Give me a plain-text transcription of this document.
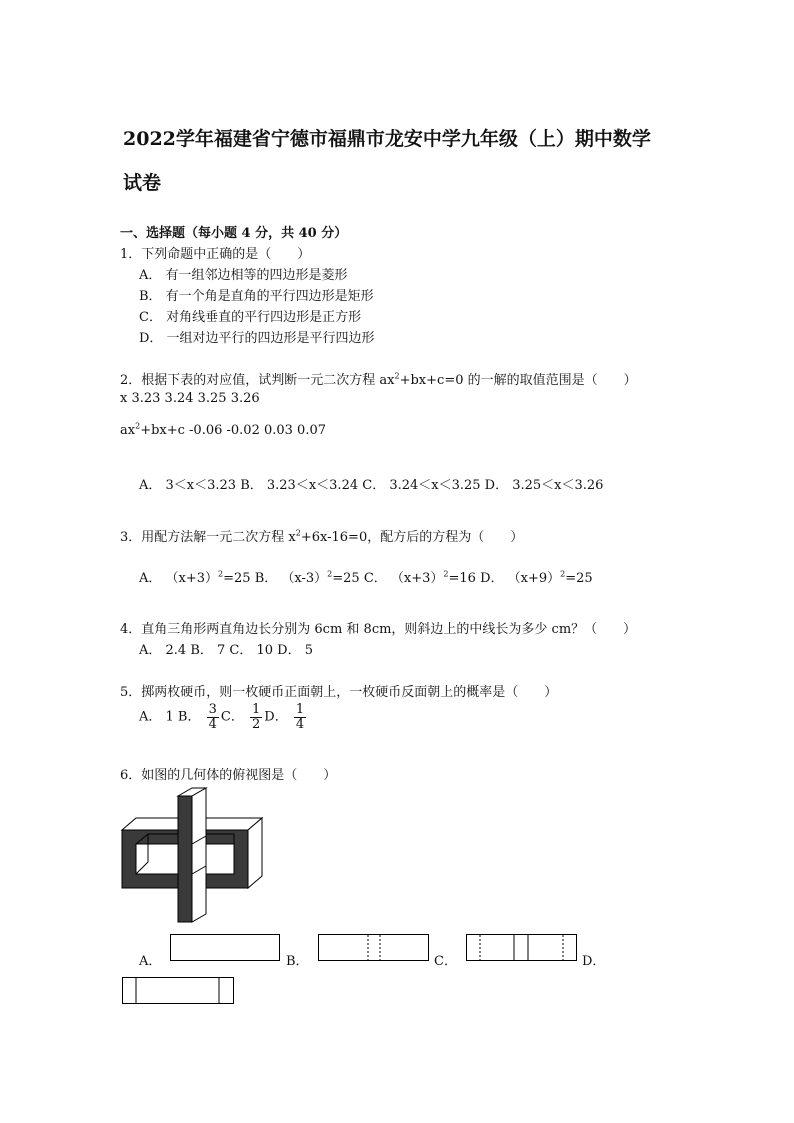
2022学年福建省宁德市福鼎市龙安中学九年级（上）期中数学
试卷
一、选择题（每小题 4 分，共 40 分）
1．下列命题中正确的是（　　）
A． 有一组邻边相等的四边形是菱形
B． 有一个角是直角的平行四边形是矩形
C． 对角线垂直的平行四边形是正方形
D． 一组对边平行的四边形是平行四边形
2．根据下表的对应值，试判断一元二次方程 $ax^2+bx+c=0$ 的一解的取值范围是（　　）
x 3.23 3.24 3.25 3.26
$ax^2+bx+c$ -0.06 -0.02 0.03 0.07
A． 3＜x＜3.23 B． 3.23＜x＜3.24 C． 3.24＜x＜3.25 D． 3.25＜x＜3.26
3．用配方法解一元二次方程 $x^2+6x-16=0$，配方后的方程为（　　）
A． $(x+3)^2=25$ B． $(x-3)^2=25$ C． $(x+3)^2=16$ D． $(x+9)^2=25$
4．直角三角形两直角边长分别为 6cm 和 8cm，则斜边上的中线长为多少 cm？（　　）
A． 2.4 B． 7 C． 10 D． 5
5．掷两枚硬币，则一枚硬币正面朝上，一枚硬币反面朝上的概率是（　　）
A． 1 B． $\frac{3}{4}$ C． $\frac{1}{2}$ D． $\frac{1}{4}$
6．如图的几何体的俯视图是（　　）
A．	B．	C．	D．
